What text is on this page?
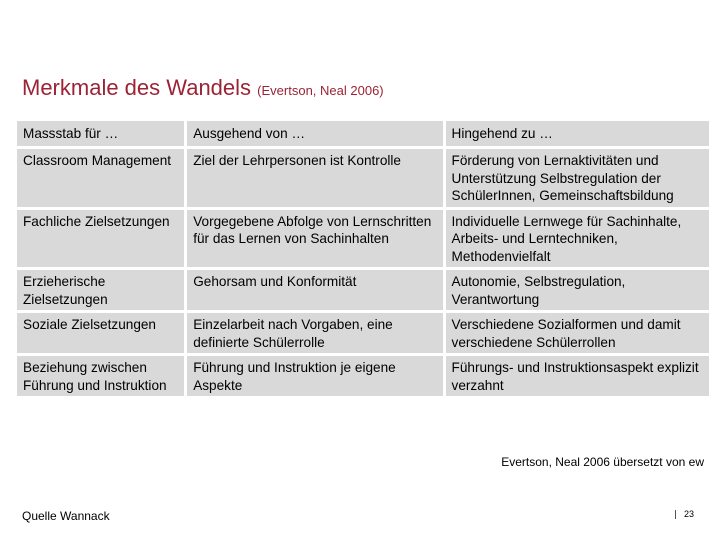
Merkmale des Wandels (Evertson, Neal 2006)
Massstab für …	Ausgehend von …	Hingehend zu …
Classroom Management	Ziel der Lehrpersonen ist Kontrolle	Förderung von Lernaktivitäten und Unterstützung Selbstregulation der SchülerInnen, Gemeinschaftsbildung
Fachliche Zielsetzungen	Vorgegebene Abfolge von Lernschritten für das Lernen von Sachinhalten	Individuelle Lernwege für Sachinhalte, Arbeits- und Lerntechniken, Methodenvielfalt
Erzieherische Zielsetzungen	Gehorsam und Konformität	Autonomie, Selbstregulation, Verantwortung
Soziale Zielsetzungen	Einzelarbeit nach Vorgaben, eine definierte Schülerrolle	Verschiedene Sozialformen und damit verschiedene Schülerrollen
Beziehung zwischen Führung und Instruktion	Führung und Instruktion je eigene Aspekte	Führungs- und Instruktionsaspekt explizit verzahnt
Evertson, Neal 2006 übersetzt von ew
Quelle Wannack	23
